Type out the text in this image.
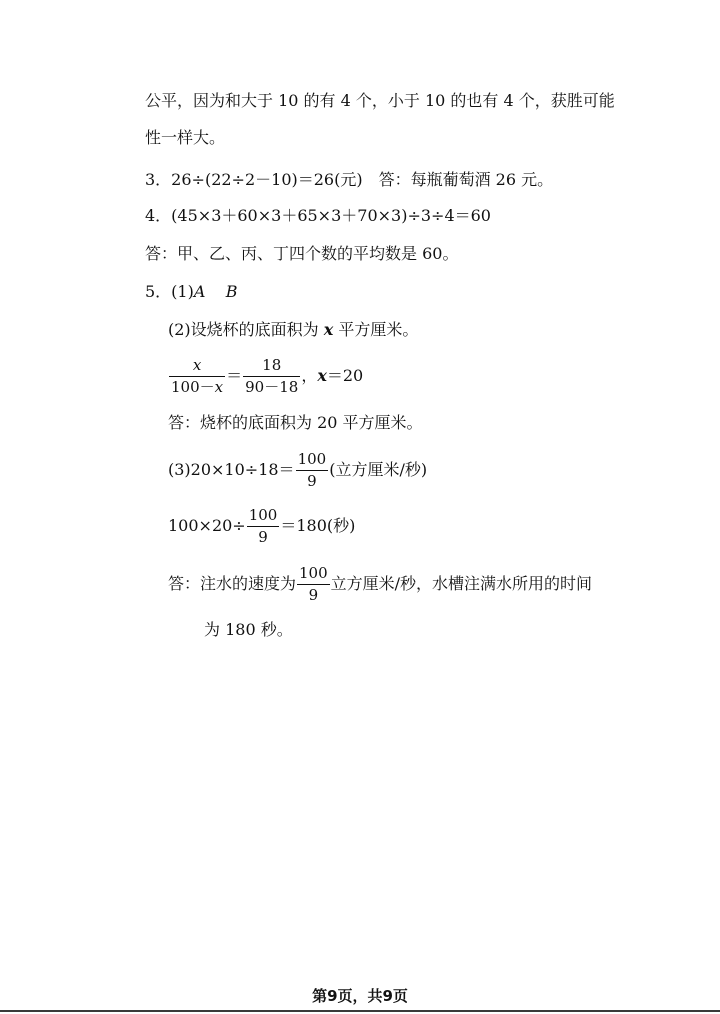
公平，因为和大于 10 的有 4 个，小于 10 的也有 4 个，获胜可能
性一样大。
3．26÷(22÷2－10)＝26(元)　答：每瓶葡萄酒 26 元。
4．(45×3＋60×3＋65×3＋70×3)÷3÷4＝60
答：甲、乙、丙、丁四个数的平均数是 60。
5．(1)A B
(2)设烧杯的底面积为 x 平方厘米。
$\frac{x}{100-x} = \frac{18}{90-18}$ ，x＝20
答：烧杯的底面积为 20 平方厘米。
$(3)20\times 10\div 18= \frac{100}{9}$ (立方厘米/秒)
$100\times 20\div \frac{100}{9} =180$(秒)
答：注水的速度为 $\frac{100}{9}$ 立方厘米/秒，水槽注满水所用的时间
为 180 秒。
第9页，共9页
